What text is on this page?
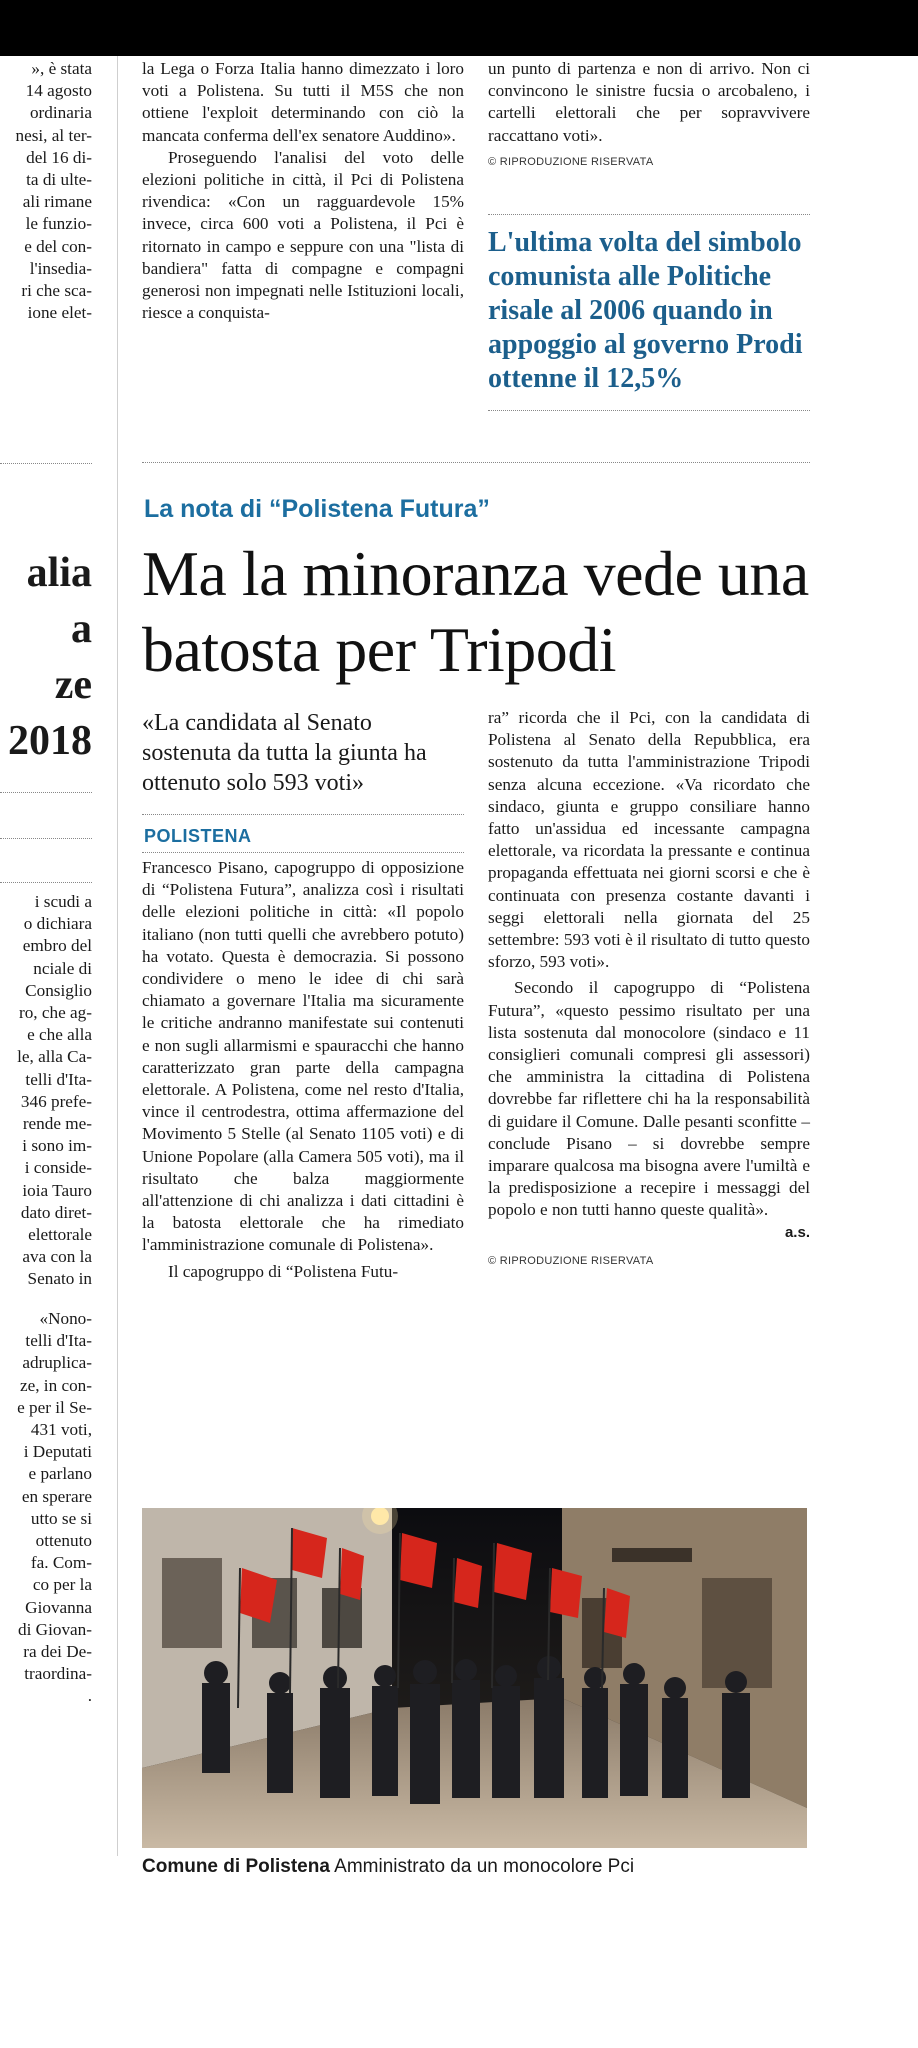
», è stata
14 agosto
ordinaria
nesi, al ter-
del 16 di-
ta di ulte-
ali rimane
le funzio-
e del con-
l'insedia-
ri che sca-
ione elet-
alia
a
ze
2018
i scudi a
o dichiara
embro del
nciale di
Consiglio
ro, che ag-
e che alla
le, alla Ca-
telli d'Ita-
346 prefe-
rende me-
i sono im-
i conside-
ioia Tauro
dato diret-
elettorale
ava con la
Senato in
«Nono-
telli d'Ita-
adruplica-
ze, in con-
e per il Se-
431 voti,
i Deputati
e parlano
en sperare
utto se si
ottenuto
fa. Com-
co per la
Giovanna
di Giovan-
ra dei De-
traordina-
.

la Lega o Forza Italia hanno dimezzato i loro voti a Polistena. Su tutti il M5S che non ottiene l'exploit determinando con ciò la mancata conferma dell'ex senatore Auddino».

Proseguendo l'analisi del voto delle elezioni politiche in città, il Pci di Polistena rivendica: «Con un ragguardevole 15% invece, circa 600 voti a Polistena, il Pci è ritornato in campo e seppure con una "lista di bandiera" fatta di compagne e compagni generosi non impegnati nelle Istituzioni locali, riesce a conquista-

un punto di partenza e non di arrivo. Non ci convincono le sinistre fucsia o arcobaleno, i cartelli elettorali che per sopravvivere raccattano voti».

© RIPRODUZIONE RISERVATA
L'ultima volta del simbolo comunista alle Politiche risale al 2006 quando in appoggio al governo Prodi ottenne il 12,5%
La nota di “Polistena Futura”
Ma la minoranza vede una batosta per Tripodi
«La candidata al Senato sostenuta da tutta la giunta ha ottenuto solo 593 voti»
POLISTENA

Francesco Pisano, capogruppo di opposizione di “Polistena Futura”, analizza così i risultati delle elezioni politiche in città: «Il popolo italiano (non tutti quelli che avrebbero potuto) ha votato. Questa è democrazia. Si possono condividere o meno le idee di chi sarà chiamato a governare l'Italia ma sicuramente le critiche andranno manifestate sui contenuti e non sugli allarmismi e spauracchi che hanno caratterizzato gran parte della campagna elettorale. A Polistena, come nel resto d'Italia, vince il centrodestra, ottima affermazione del Movimento 5 Stelle (al Senato 1105 voti) e di Unione Popolare (alla Camera 505 voti), ma il risultato che balza maggiormente all'attenzione di chi analizza i dati cittadini è la batosta elettorale che ha rimediato l'amministrazione comunale di Polistena».

Il capogruppo di “Polistena Futu-

ra” ricorda che il Pci, con la candidata di Polistena al Senato della Repubblica, era sostenuto da tutta l'amministrazione Tripodi senza alcuna eccezione. «Va ricordato che sindaco, giunta e gruppo consiliare hanno fatto un'assidua ed incessante campagna elettorale, va ricordata la pressante e continua propaganda effettuata nei giorni scorsi e che è continuata con presenza costante davanti i seggi elettorali nella giornata del 25 settembre: 593 voti è il risultato di tutto questo sforzo, 593 voti».

Secondo il capogruppo di “Polistena Futura”, «questo pessimo risultato per una lista sostenuta dal monocolore (sindaco e 11 consiglieri comunali compresi gli assessori) che amministra la cittadina di Polistena dovrebbe far riflettere chi ha la responsabilità di guidare il Comune. Dalle pesanti sconfitte – conclude Pisano – si dovrebbe sempre imparare qualcosa ma bisogna avere l'umiltà e la predisposizione a recepire i messaggi del popolo e non tutti hanno queste qualità».

a.s.
© RIPRODUZIONE RISERVATA
Comune di Polistena Amministrato da un monocolore Pci
